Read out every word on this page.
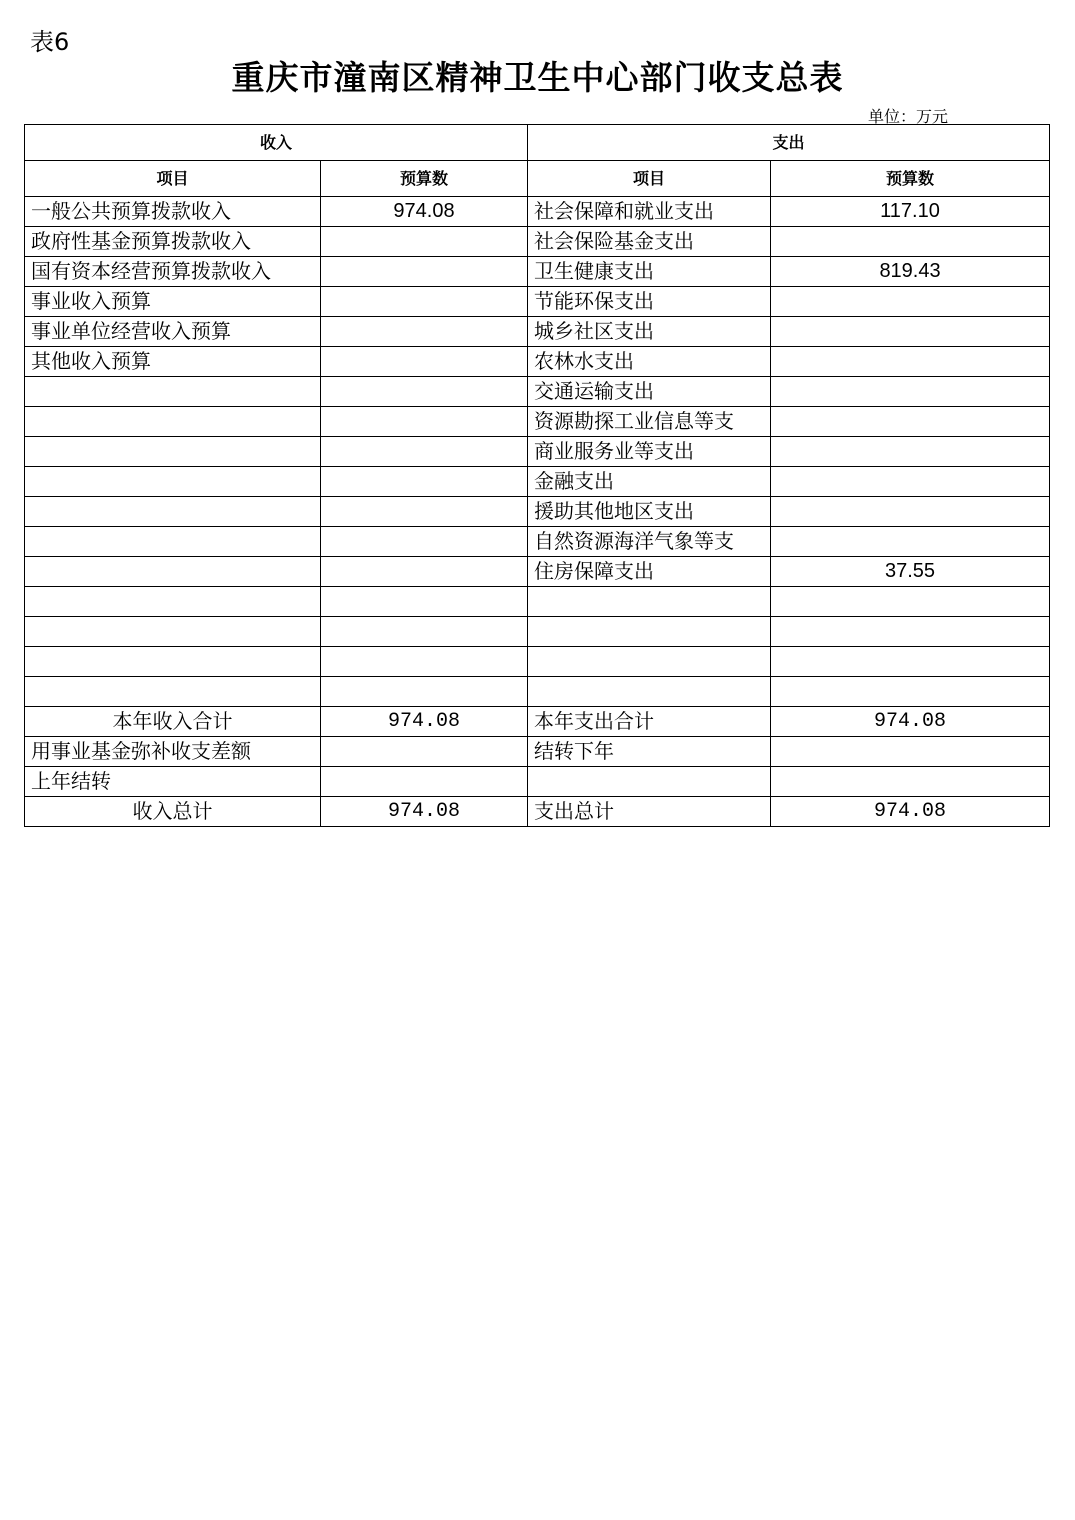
表6
重庆市潼南区精神卫生中心部门收支总表
单位：万元
收入		支出	
项目	预算数	项目	预算数
一般公共预算拨款收入	974.08	社会保障和就业支出	117.10
政府性基金预算拨款收入		社会保险基金支出	
国有资本经营预算拨款收入		卫生健康支出	819.43
事业收入预算		节能环保支出	
事业单位经营收入预算		城乡社区支出	
其他收入预算		农林水支出	
		交通运输支出	
		资源勘探工业信息等支	
		商业服务业等支出	
		金融支出	
		援助其他地区支出	
		自然资源海洋气象等支	
		住房保障支出	37.55

本年收入合计	974.08	本年支出合计	974.08
用事业基金弥补收支差额		结转下年	
上年结转			
收入总计	974.08	支出总计	974.08
